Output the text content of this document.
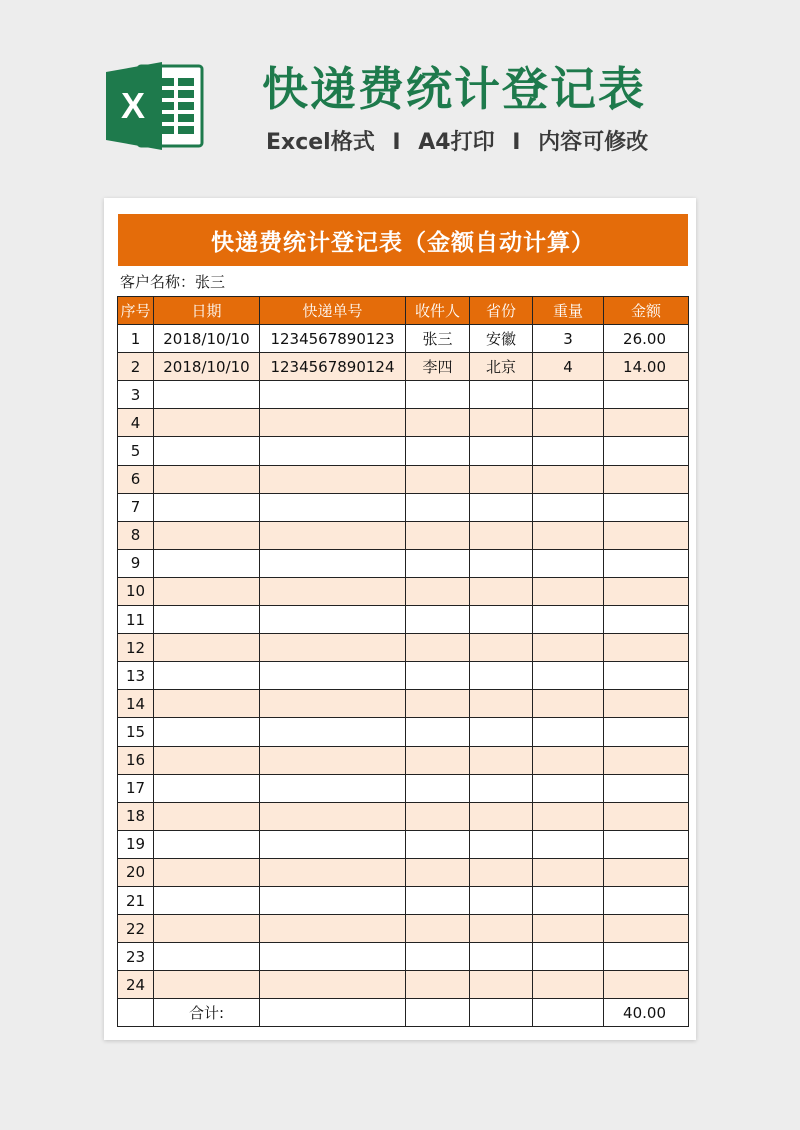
X	快递费统计登记表
Excel格式 I A4打印 I 内容可修改
快递费统计登记表（金额自动计算）
客户名称： 张三
序号	日期	快递单号	收件人	省份	重量	金额
1	2018/10/10	1234567890123	张三	安徽	3	26.00
2	2018/10/10	1234567890124	李四	北京	4	14.00
3						
4						
5						
6						
7						
8						
9						
10						
11						
12						
13						
14						
15						
16						
17						
18						
19						
20						
21						
22						
23						
24						
	合计:					40.00
